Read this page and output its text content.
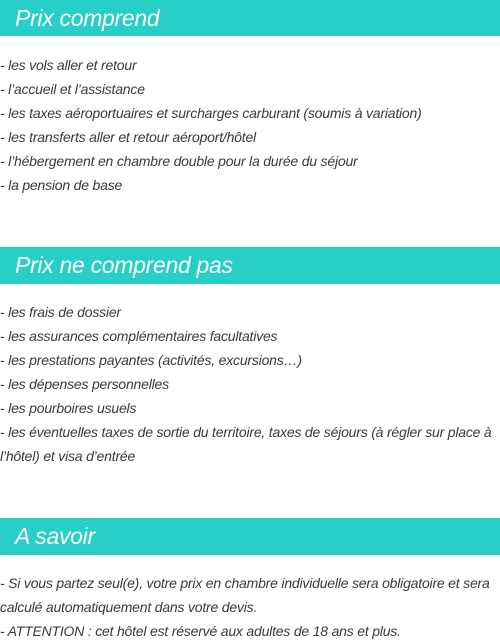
Prix comprend
- les vols aller et retour
- l’accueil et l’assistance
- les taxes aéroportuaires et surcharges carburant (soumis à variation)
- les transferts aller et retour aéroport/hôtel
- l’hébergement en chambre double pour la durée du séjour
- la pension de base
Prix ne comprend pas
- les frais de dossier
- les assurances complémentaires facultatives
- les prestations payantes (activités, excursions…)
- les dépenses personnelles
- les pourboires usuels
- les éventuelles taxes de sortie du territoire, taxes de séjours (à régler sur place à l’hôtel) et visa d’entrée
A savoir
- Si vous partez seul(e), votre prix en chambre individuelle sera obligatoire et sera calculé automatiquement dans votre devis.
- ATTENTION : cet hôtel est réservé aux adultes de 18 ans et plus.
